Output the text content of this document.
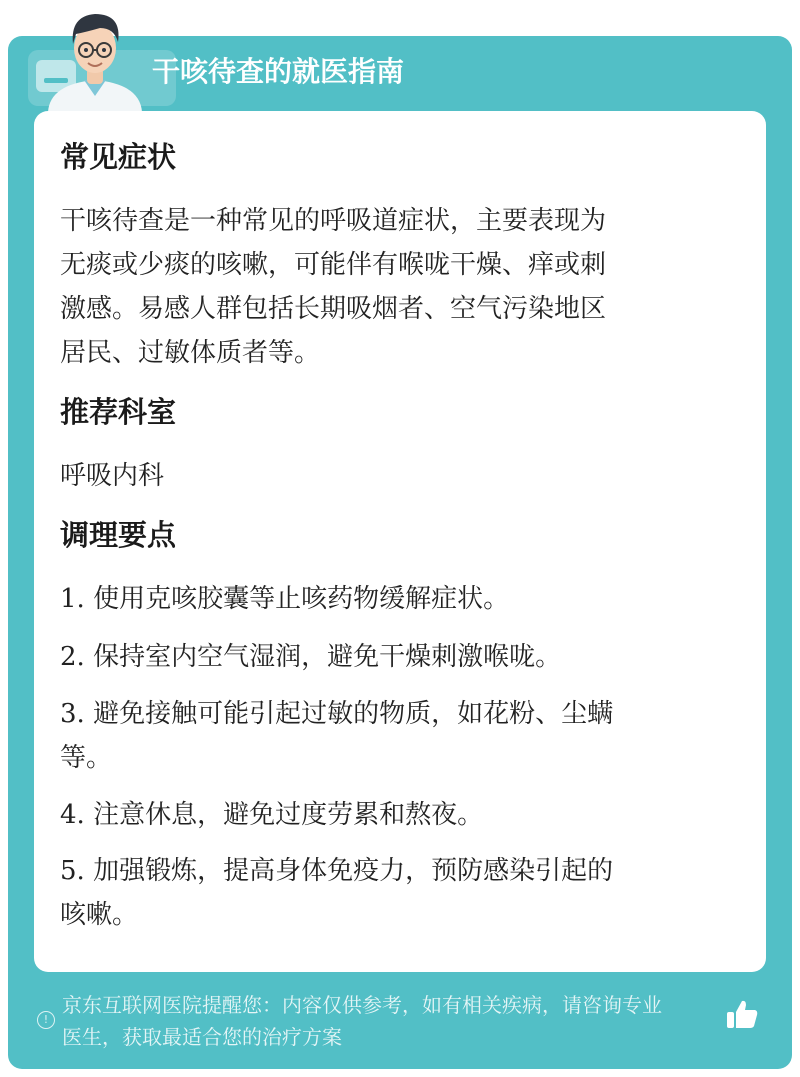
干咳待查的就医指南
常见症状
干咳待查是一种常见的呼吸道症状，主要表现为
无痰或少痰的咳嗽，可能伴有喉咙干燥、痒或刺
激感。易感人群包括长期吸烟者、空气污染地区
居民、过敏体质者等。
推荐科室
呼吸内科
调理要点
1. 使用克咳胶囊等止咳药物缓解症状。
2. 保持室内空气湿润，避免干燥刺激喉咙。
3. 避免接触可能引起过敏的物质，如花粉、尘螨
等。
4. 注意休息，避免过度劳累和熬夜。
5. 加强锻炼，提高身体免疫力，预防感染引起的
咳嗽。
!
京东互联网医院提醒您：内容仅供参考，如有相关疾病，请咨询专业
医生，获取最适合您的治疗方案
